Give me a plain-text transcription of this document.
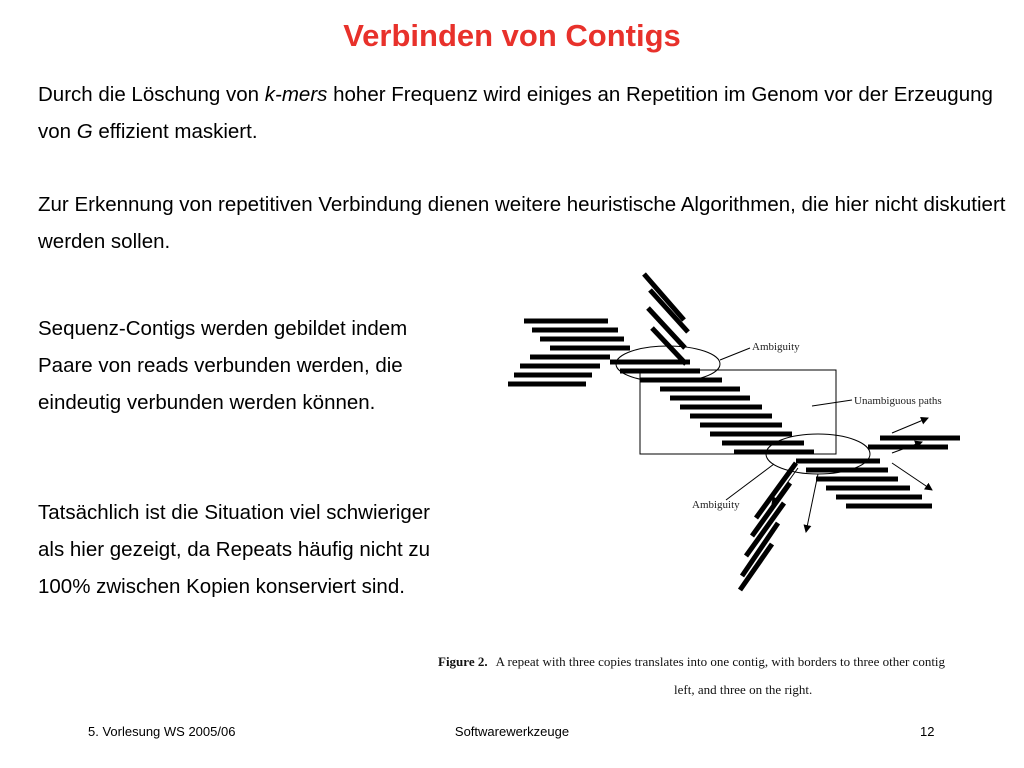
Verbinden von Contigs

Durch die Löschung von k-mers hoher Frequenz wird einiges an Repetition im Genom vor der Erzeugung von G effizient maskiert.

Zur Erkennung von repetitiven Verbindung dienen weitere heuristische Algorithmen, die hier nicht diskutiert werden sollen.

Sequenz-Contigs werden gebildet indem Paare von reads verbunden werden, die eindeutig verbunden werden können.

Tatsächlich ist die Situation viel schwieriger als hier gezeigt, da Repeats häufig nicht zu 100% zwischen Kopien konserviert sind.

Ambiguity
Unambiguous paths
Ambiguity
Figure 2. A repeat with three copies translates into one contig, with borders to three other contig
left, and three on the right.
5. Vorlesung WS 2005/06	Softwarewerkzeuge	12
